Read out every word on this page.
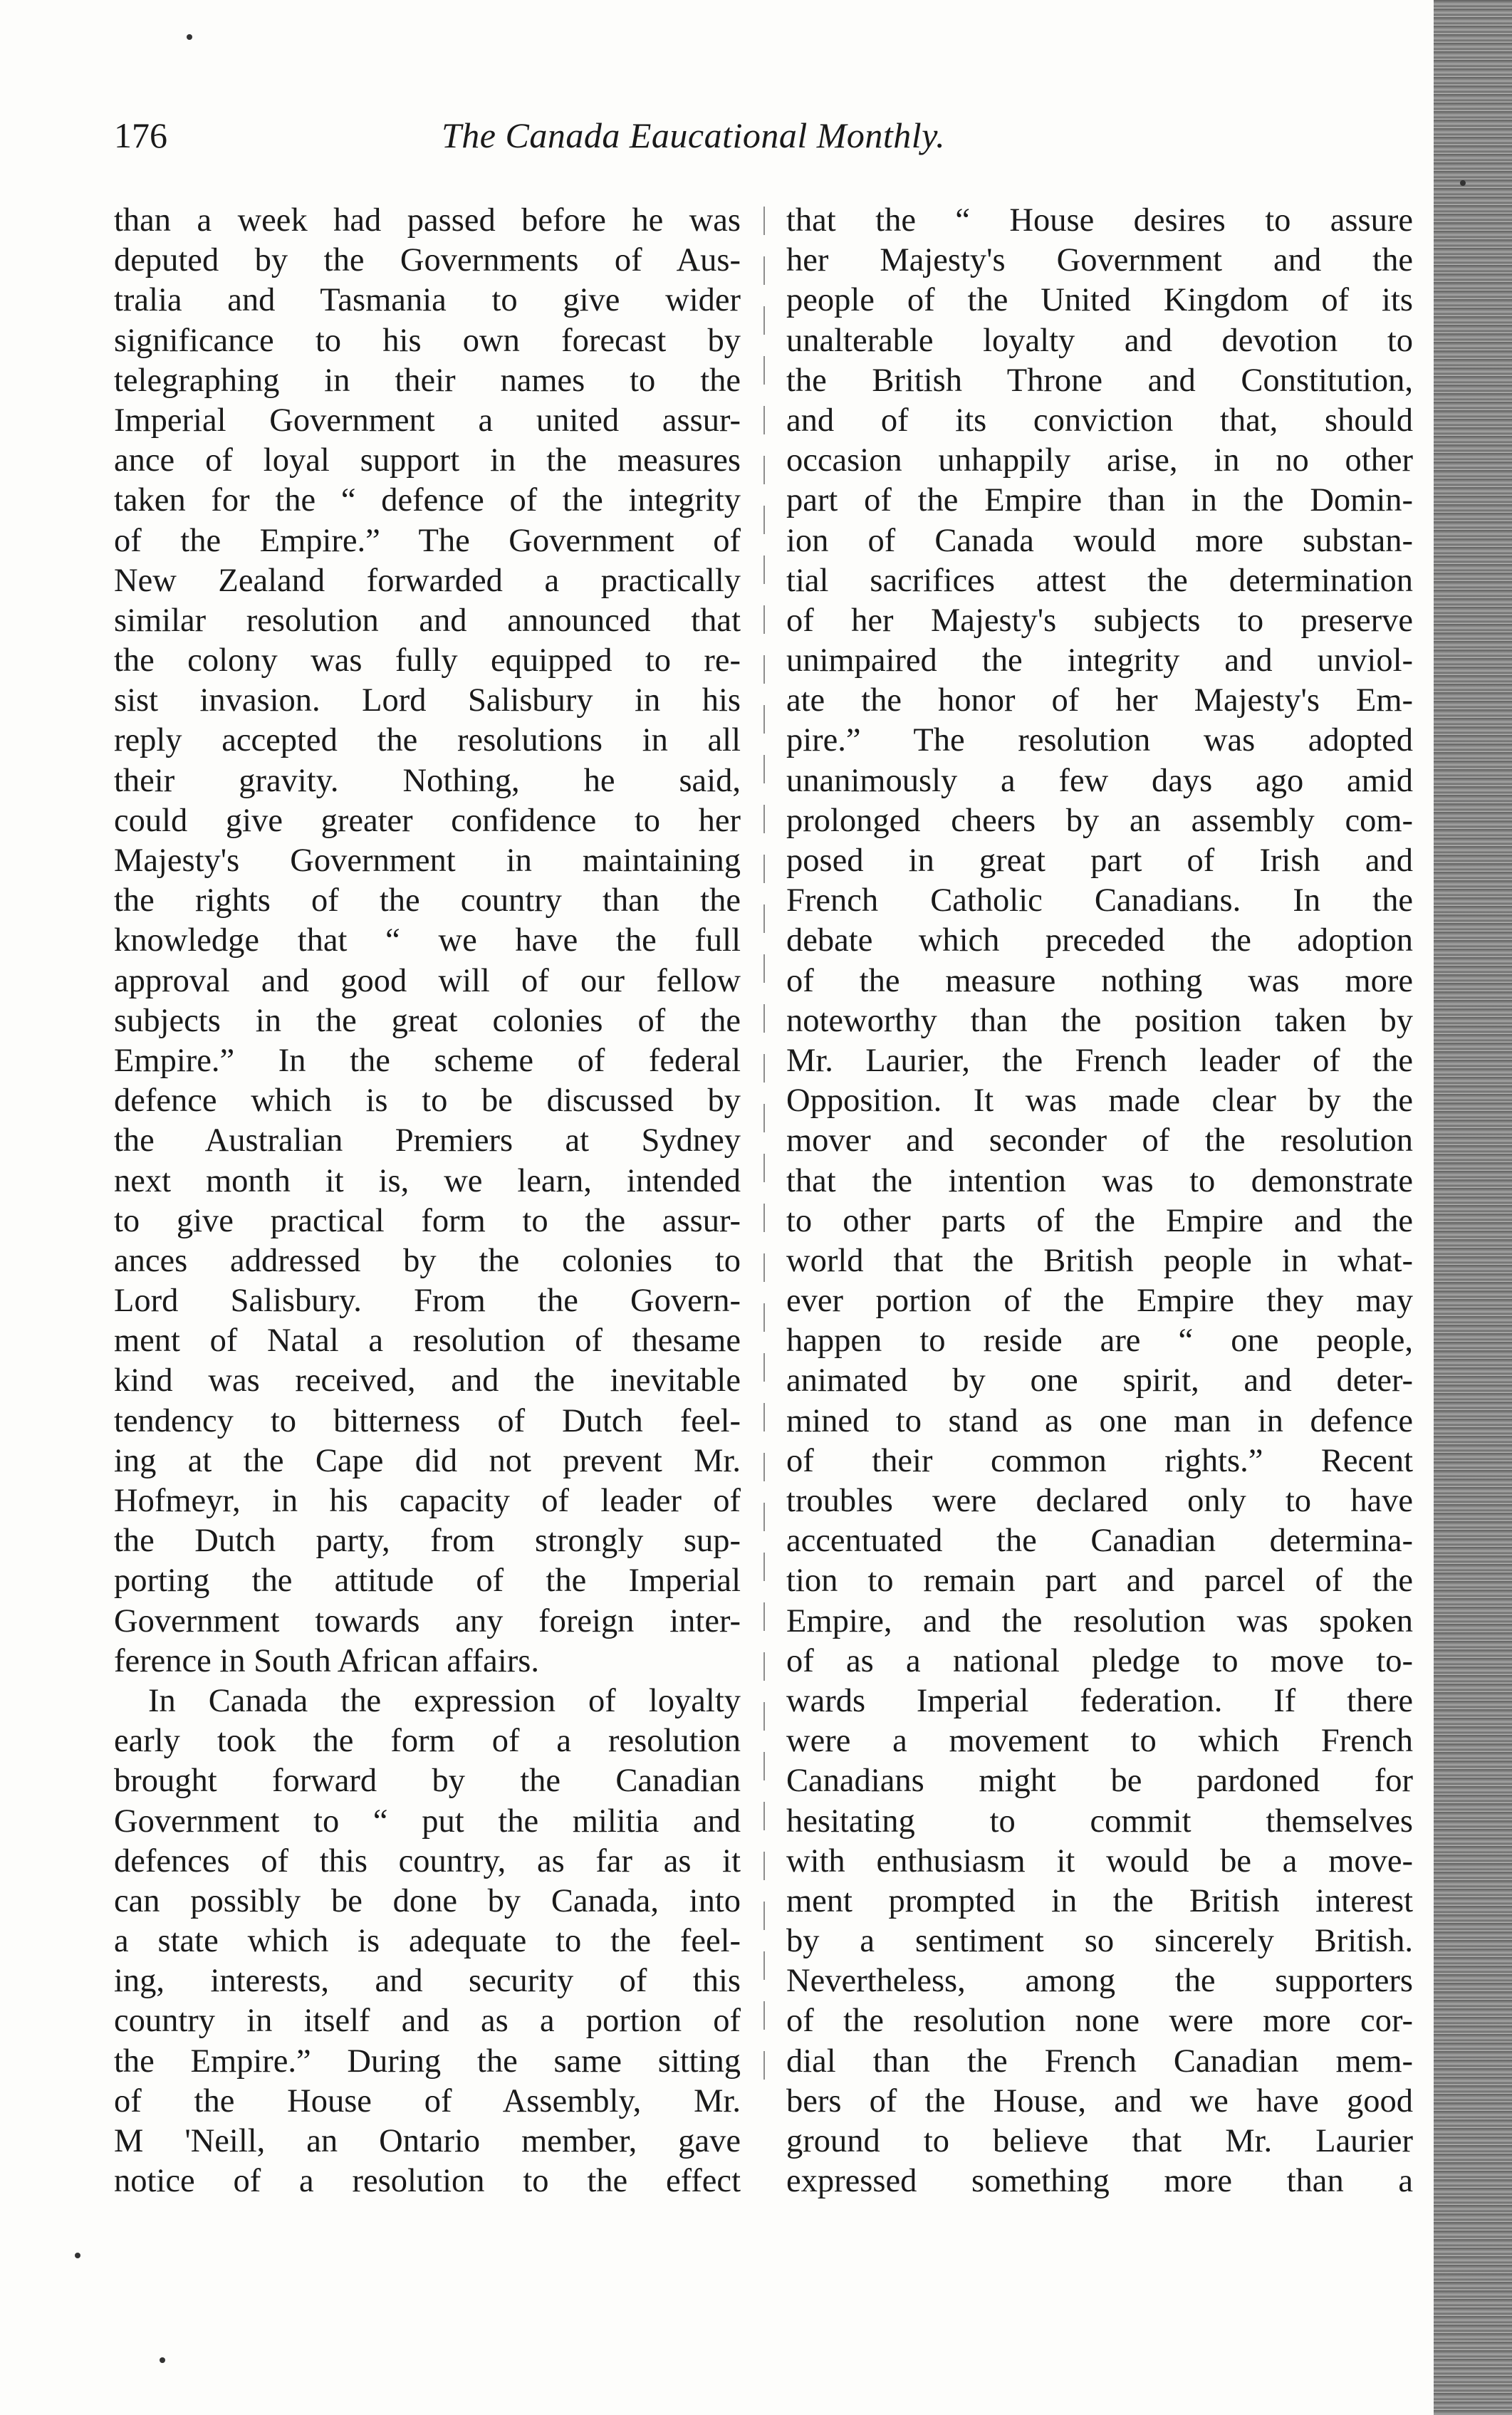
176	The Canada Eaucational Monthly.
than a week had passed before he was
deputed by the Governments of Aus-
tralia and Tasmania to give wider
significance to his own forecast by
telegraphing in their names to the
Imperial Government a united assur-
ance of loyal support in the measures
taken for the “ defence of the integrity
of the Empire.” The Government of
New Zealand forwarded a practically
similar resolution and announced that
the colony was fully equipped to re-
sist invasion. Lord Salisbury in his
reply accepted the resolutions in all
their gravity. Nothing, he said,
could give greater confidence to her
Majesty's Government in maintaining
the rights of the country than the
knowledge that “ we have the full
approval and good will of our fellow
subjects in the great colonies of the
Empire.” In the scheme of federal
defence which is to be discussed by
the Australian Premiers at Sydney
next month it is, we learn, intended
to give practical form to the assur-
ances addressed by the colonies to
Lord Salisbury. From the Govern-
ment of Natal a resolution of thesame
kind was received, and the inevitable
tendency to bitterness of Dutch feel-
ing at the Cape did not prevent Mr.
Hofmeyr, in his capacity of leader of
the Dutch party, from strongly sup-
porting the attitude of the Imperial
Government towards any foreign inter-
ference in South African affairs.
In Canada the expression of loyalty
early took the form of a resolution
brought forward by the Canadian
Government to “ put the militia and
defences of this country, as far as it
can possibly be done by Canada, into
a state which is adequate to the feel-
ing, interests, and security of this
country in itself and as a portion of
the Empire.” During the same sitting
of the House of Assembly, Mr.
M 'Neill, an Ontario member, gave
notice of a resolution to the effect
that the “ House desires to assure
her Majesty's Government and the
people of the United Kingdom of its
unalterable loyalty and devotion to
the British Throne and Constitution,
and of its conviction that, should
occasion unhappily arise, in no other
part of the Empire than in the Domin-
ion of Canada would more substan-
tial sacrifices attest the determination
of her Majesty's subjects to preserve
unimpaired the integrity and unviol-
ate the honor of her Majesty's Em-
pire.” The resolution was adopted
unanimously a few days ago amid
prolonged cheers by an assembly com-
posed in great part of Irish and
French Catholic Canadians. In the
debate which preceded the adoption
of the measure nothing was more
noteworthy than the position taken by
Mr. Laurier, the French leader of the
Opposition. It was made clear by the
mover and seconder of the resolution
that the intention was to demonstrate
to other parts of the Empire and the
world that the British people in what-
ever portion of the Empire they may
happen to reside are “ one people,
animated by one spirit, and deter-
mined to stand as one man in defence
of their common rights.” Recent
troubles were declared only to have
accentuated the Canadian determina-
tion to remain part and parcel of the
Empire, and the resolution was spoken
of as a national pledge to move to-
wards Imperial federation. If there
were a movement to which French
Canadians might be pardoned for
hesitating to commit themselves
with enthusiasm it would be a move-
ment prompted in the British interest
by a sentiment so sincerely British.
Nevertheless, among the supporters
of the resolution none were more cor-
dial than the French Canadian mem-
bers of the House, and we have good
ground to believe that Mr. Laurier
expressed something more than a
